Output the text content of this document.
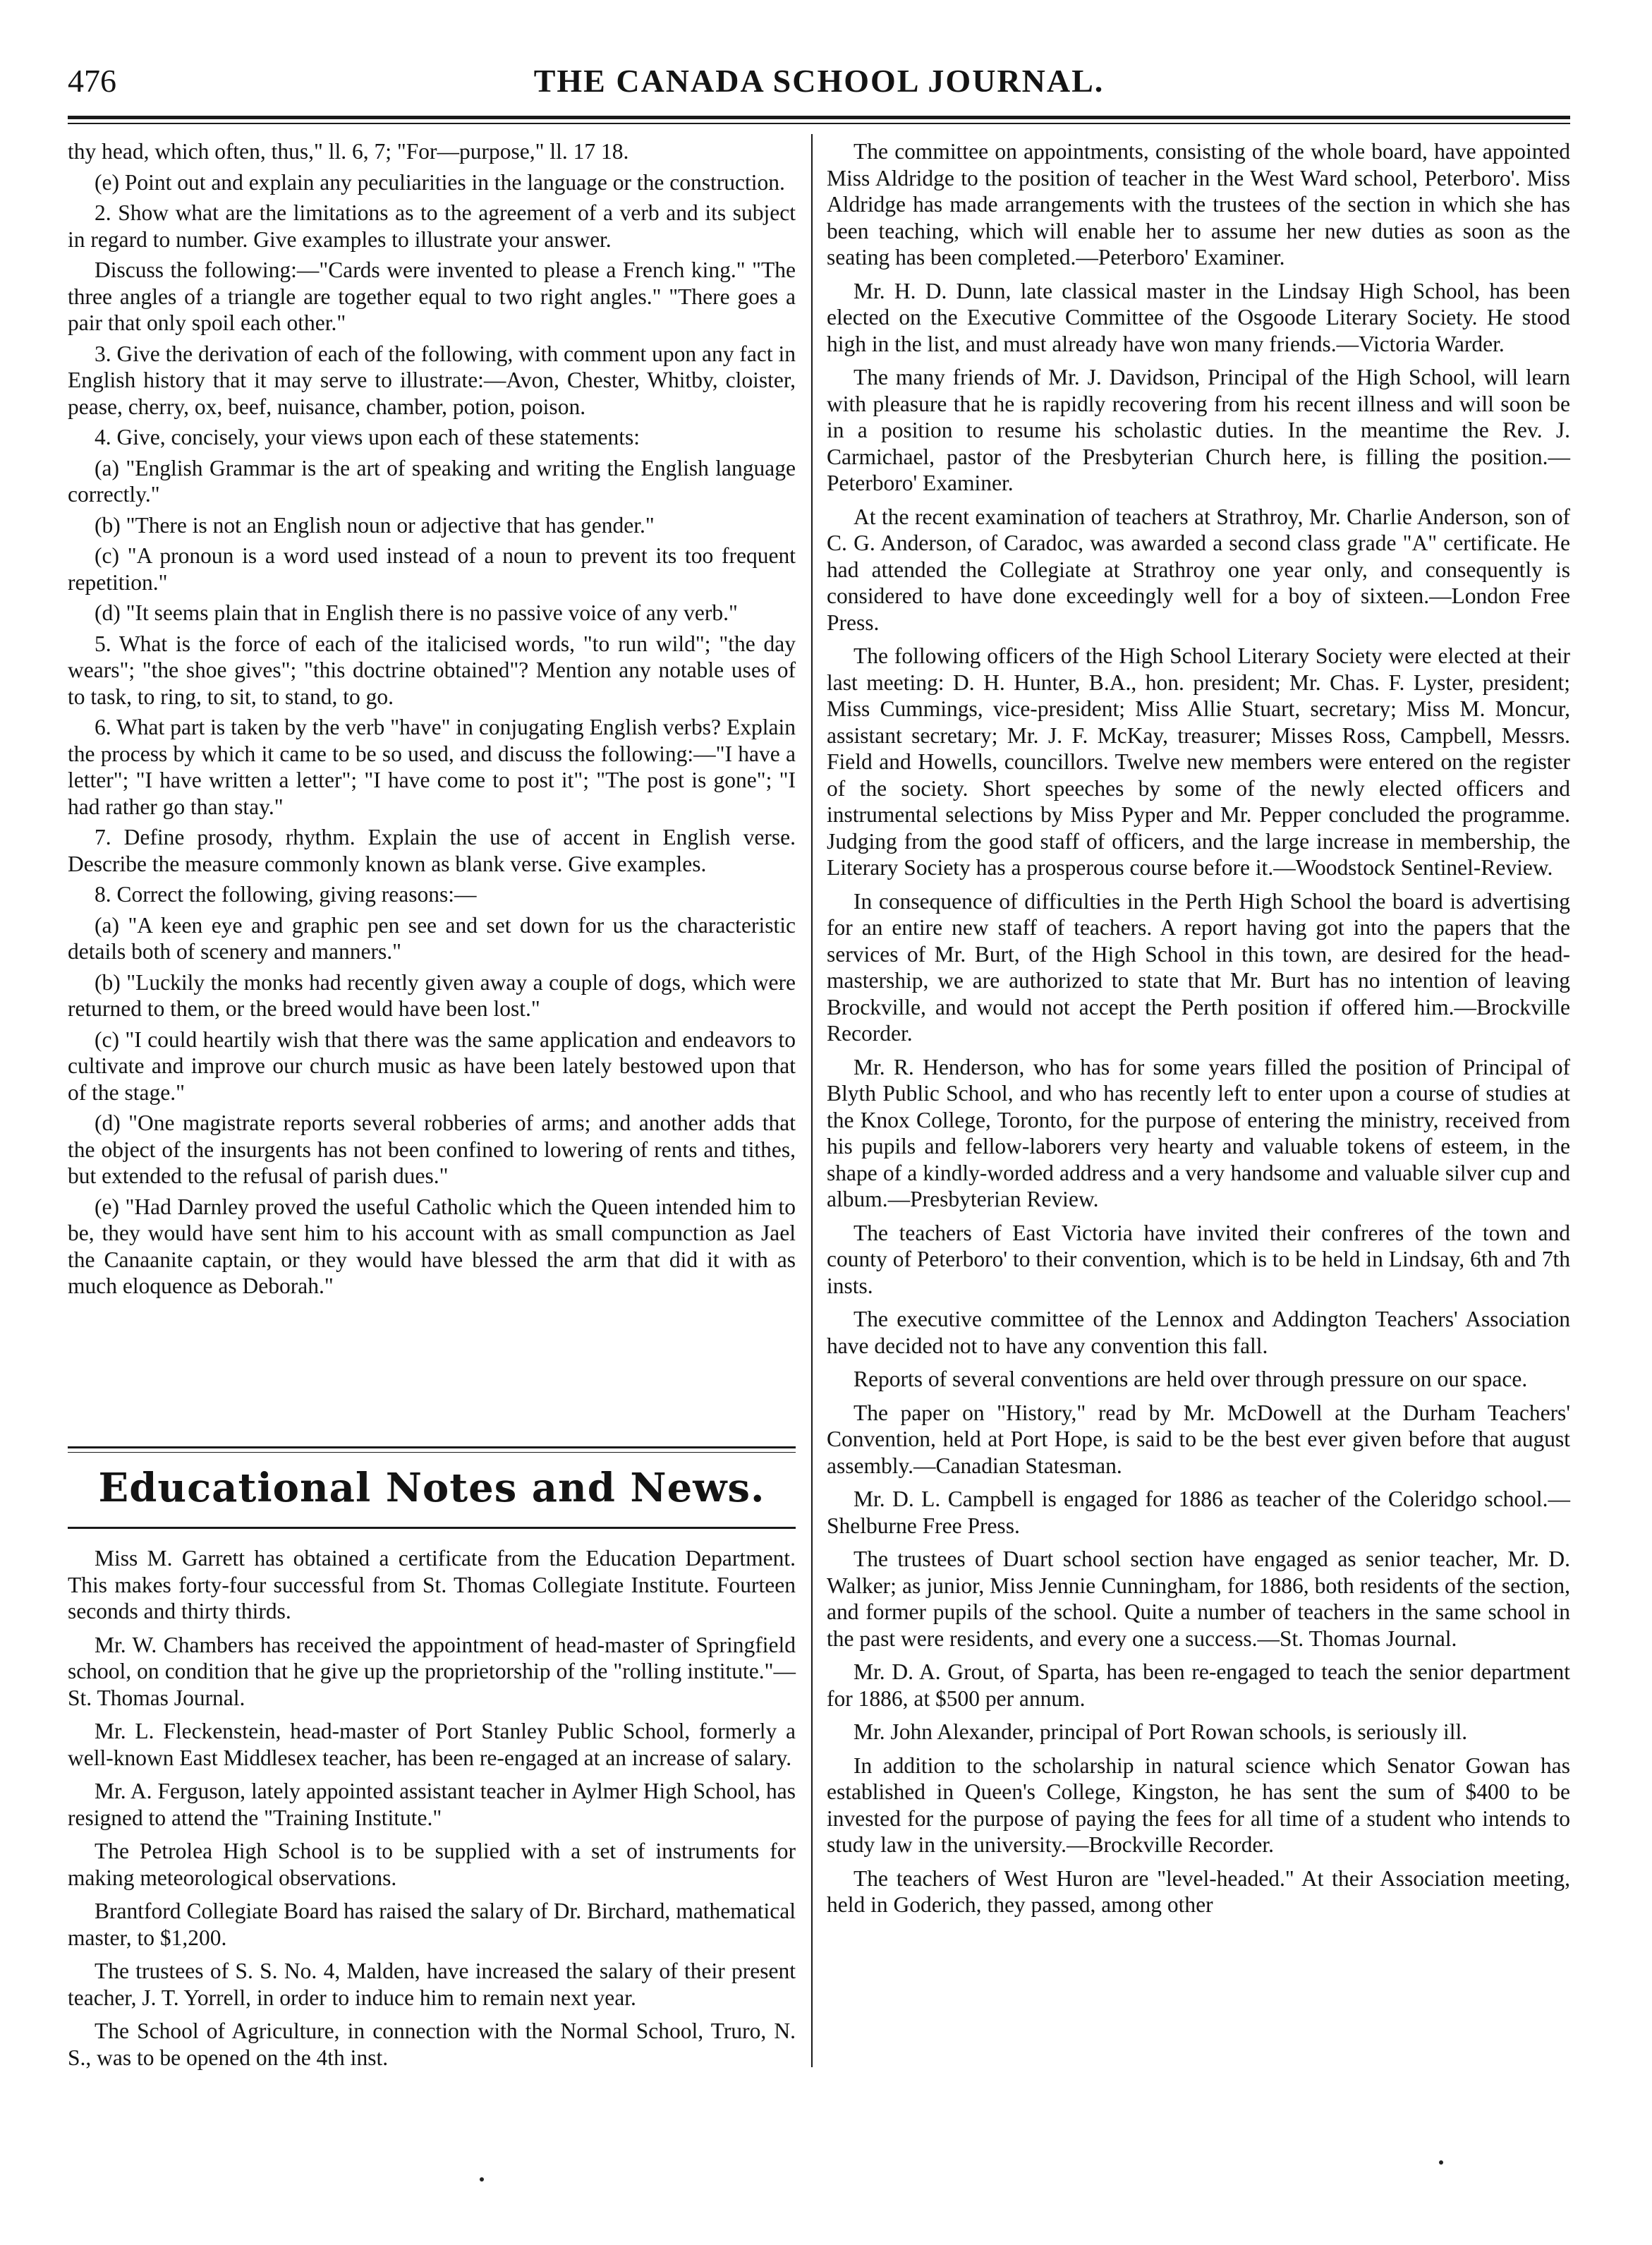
476	THE CANADA SCHOOL JOURNAL.

thy head, which often, thus," ll. 6, 7; "For—purpose," ll. 17 18.

(e) Point out and explain any peculiarities in the language or the construction.

2. Show what are the limitations as to the agreement of a verb and its subject in regard to number. Give examples to illustrate your answer.

Discuss the following:—"Cards were invented to please a French king." "The three angles of a triangle are together equal to two right angles." "There goes a pair that only spoil each other."

3. Give the derivation of each of the following, with comment upon any fact in English history that it may serve to illustrate:—Avon, Chester, Whitby, cloister, pease, cherry, ox, beef, nuisance, chamber, potion, poison.

4. Give, concisely, your views upon each of these statements:

(a) "English Grammar is the art of speaking and writing the English language correctly."

(b) "There is not an English noun or adjective that has gender."

(c) "A pronoun is a word used instead of a noun to prevent its too frequent repetition."

(d) "It seems plain that in English there is no passive voice of any verb."

5. What is the force of each of the italicised words, "to run wild"; "the day wears"; "the shoe gives"; "this doctrine obtained"? Mention any notable uses of to task, to ring, to sit, to stand, to go.

6. What part is taken by the verb "have" in conjugating English verbs? Explain the process by which it came to be so used, and discuss the following:—"I have a letter"; "I have written a letter"; "I have come to post it"; "The post is gone"; "I had rather go than stay."

7. Define prosody, rhythm. Explain the use of accent in English verse. Describe the measure commonly known as blank verse. Give examples.

8. Correct the following, giving reasons:—

(a) "A keen eye and graphic pen see and set down for us the characteristic details both of scenery and manners."

(b) "Luckily the monks had recently given away a couple of dogs, which were returned to them, or the breed would have been lost."

(c) "I could heartily wish that there was the same application and endeavors to cultivate and improve our church music as have been lately bestowed upon that of the stage."

(d) "One magistrate reports several robberies of arms; and another adds that the object of the insurgents has not been confined to lowering of rents and tithes, but extended to the refusal of parish dues."

(e) "Had Darnley proved the useful Catholic which the Queen intended him to be, they would have sent him to his account with as small compunction as Jael the Canaanite captain, or they would have blessed the arm that did it with as much eloquence as Deborah."

Educational Notes and News.

Miss M. Garrett has obtained a certificate from the Education Department. This makes forty-four successful from St. Thomas Collegiate Institute. Fourteen seconds and thirty thirds.

Mr. W. Chambers has received the appointment of head-master of Springfield school, on condition that he give up the proprietorship of the "rolling institute."—St. Thomas Journal.

Mr. L. Fleckenstein, head-master of Port Stanley Public School, formerly a well-known East Middlesex teacher, has been re-engaged at an increase of salary.

Mr. A. Ferguson, lately appointed assistant teacher in Aylmer High School, has resigned to attend the "Training Institute."

The Petrolea High School is to be supplied with a set of instruments for making meteorological observations.

Brantford Collegiate Board has raised the salary of Dr. Birchard, mathematical master, to $1,200.

The trustees of S. S. No. 4, Malden, have increased the salary of their present teacher, J. T. Yorrell, in order to induce him to remain next year.

The School of Agriculture, in connection with the Normal School, Truro, N. S., was to be opened on the 4th inst.

The committee on appointments, consisting of the whole board, have appointed Miss Aldridge to the position of teacher in the West Ward school, Peterboro'. Miss Aldridge has made arrangements with the trustees of the section in which she has been teaching, which will enable her to assume her new duties as soon as the seating has been completed.—Peterboro' Examiner.

Mr. H. D. Dunn, late classical master in the Lindsay High School, has been elected on the Executive Committee of the Osgoode Literary Society. He stood high in the list, and must already have won many friends.—Victoria Warder.

The many friends of Mr. J. Davidson, Principal of the High School, will learn with pleasure that he is rapidly recovering from his recent illness and will soon be in a position to resume his scholastic duties. In the meantime the Rev. J. Carmichael, pastor of the Presbyterian Church here, is filling the position.—Peterboro' Examiner.

At the recent examination of teachers at Strathroy, Mr. Charlie Anderson, son of C. G. Anderson, of Caradoc, was awarded a second class grade "A" certificate. He had attended the Collegiate at Strathroy one year only, and consequently is considered to have done exceedingly well for a boy of sixteen.—London Free Press.

The following officers of the High School Literary Society were elected at their last meeting: D. H. Hunter, B.A., hon. president; Mr. Chas. F. Lyster, president; Miss Cummings, vice-president; Miss Allie Stuart, secretary; Miss M. Moncur, assistant secretary; Mr. J. F. McKay, treasurer; Misses Ross, Campbell, Messrs. Field and Howells, councillors. Twelve new members were entered on the register of the society. Short speeches by some of the newly elected officers and instrumental selections by Miss Pyper and Mr. Pepper concluded the programme. Judging from the good staff of officers, and the large increase in membership, the Literary Society has a prosperous course before it.—Woodstock Sentinel-Review.

In consequence of difficulties in the Perth High School the board is advertising for an entire new staff of teachers. A report having got into the papers that the services of Mr. Burt, of the High School in this town, are desired for the head-mastership, we are authorized to state that Mr. Burt has no intention of leaving Brockville, and would not accept the Perth position if offered him.—Brockville Recorder.

Mr. R. Henderson, who has for some years filled the position of Principal of Blyth Public School, and who has recently left to enter upon a course of studies at the Knox College, Toronto, for the purpose of entering the ministry, received from his pupils and fellow-laborers very hearty and valuable tokens of esteem, in the shape of a kindly-worded address and a very handsome and valuable silver cup and album.—Presbyterian Review.

The teachers of East Victoria have invited their confreres of the town and county of Peterboro' to their convention, which is to be held in Lindsay, 6th and 7th insts.

The executive committee of the Lennox and Addington Teachers' Association have decided not to have any convention this fall.

Reports of several conventions are held over through pressure on our space.

The paper on "History," read by Mr. McDowell at the Durham Teachers' Convention, held at Port Hope, is said to be the best ever given before that august assembly.—Canadian Statesman.

Mr. D. L. Campbell is engaged for 1886 as teacher of the Coleridgo school.—Shelburne Free Press.

The trustees of Duart school section have engaged as senior teacher, Mr. D. Walker; as junior, Miss Jennie Cunningham, for 1886, both residents of the section, and former pupils of the school. Quite a number of teachers in the same school in the past were residents, and every one a success.—St. Thomas Journal.

Mr. D. A. Grout, of Sparta, has been re-engaged to teach the senior department for 1886, at $500 per annum.

Mr. John Alexander, principal of Port Rowan schools, is seriously ill.

In addition to the scholarship in natural science which Senator Gowan has established in Queen's College, Kingston, he has sent the sum of $400 to be invested for the purpose of paying the fees for all time of a student who intends to study law in the university.—Brockville Recorder.

The teachers of West Huron are "level-headed." At their Association meeting, held in Goderich, they passed, among other
